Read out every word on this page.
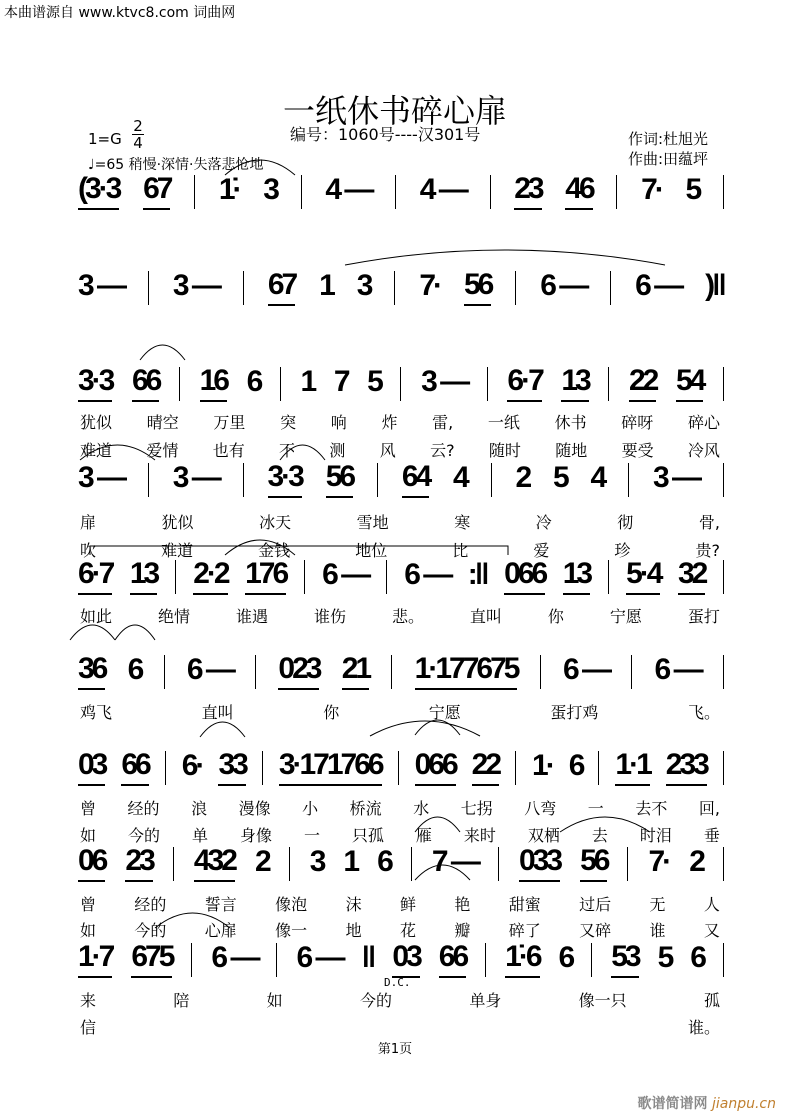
本曲谱源自 www.ktvc8.com 词曲网
一纸休书碎心扉
编号：1060号----汉301号
1=G
2
4
♩=65 稍慢·深情·失落悲怆地
作词:杜旭光
作曲:田蕴坪
(3·3 67 1̇· 3 4 — 4 — 23 46 7· 5
3 — 3 — 67 1 3 7· 56 6 — 6 — )‖
3·3 66 16 6 1 7 5 3 — 6·7 13 22 54
犹似 晴空 万里 突 响 炸 雷, 一纸 休书 碎呀 碎心
难道 爱情 也有 不 测 风 云? 随时 随地 要受 冷风
3 — 3 — 3·3 56 64 4 2 5 4 3 —
扉	犹似	冰天	雪地	寒	冷	彻	骨,
吹	难道	金钱	地位	比	爱	珍	贵?
6·7 13 2·2 176 6 — 6 — :‖ 066 13 5·4 32
如此	绝情	谁遇	谁伤	悲。	直叫	你	宁愿	蛋打
36 6 6 — 023 21 1·177675 6 — 6 —
鸡飞	直叫	你	宁愿	蛋打鸡	飞。
03 66 6· 33 3·171766 066 22 1· 6 1·1 233
曾 经的 浪 漫像 小 桥流 水 七拐 八弯 一 去不 回,
如 今的 单 身像 一 只孤 雁 来时 双栖 去 时泪 垂
06 23 432 2 3 1 6 7 — 033 56 7· 2
曾 经的 誓言 像泡 沫 鲜 艳 甜蜜 过后 无 人
如 今的 心扉 像一 地 花 瓣 碎了 又碎 谁 又
1·7 675 6 — 6 — ‖ 03 66 1̇·6 6 53 5 6
来	陪	如	今的	单身	像一只	孤
信	谁。
D.C.
第1页
歌谱简谱网 jianpu.cn
